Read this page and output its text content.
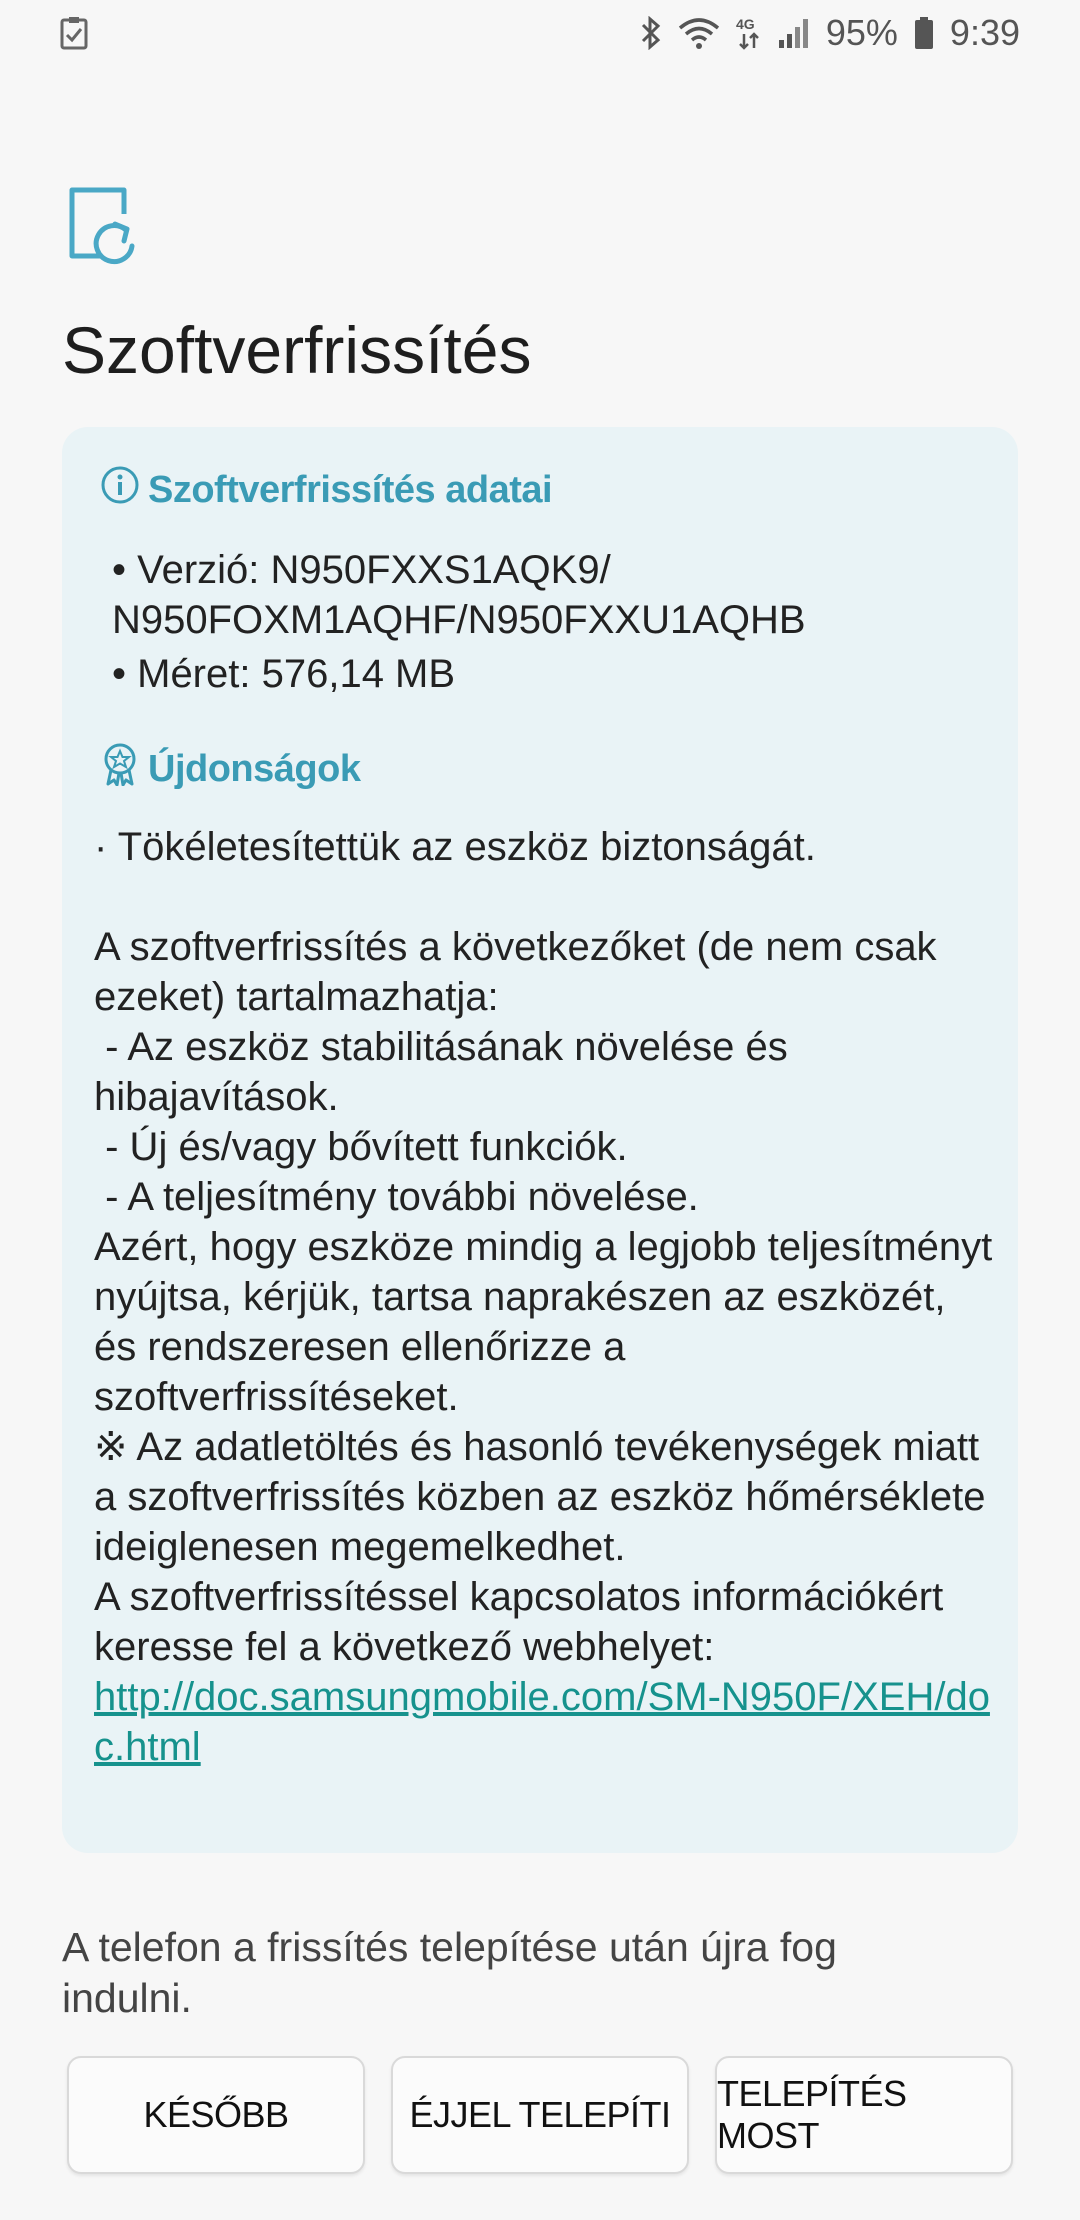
4G 95% 9:39
Szoftverfrissítés
Szoftverfrissítés adatai
• Verzió: N950FXXS1AQK9/
N950FOXM1AQHF/N950FXXU1AQHB
• Méret: 576,14 MB
Újdonságok

· Tökéletesítettük az eszköz biztonságát.

A szoftverfrissítés a következőket (de nem csak ezeket) tartalmazhatja:
- Az eszköz stabilitásának növelése és hibajavítások.
- Új és/vagy bővített funkciók.
- A teljesítmény további növelése.
Azért, hogy eszköze mindig a legjobb teljesítményt nyújtsa, kérjük, tartsa naprakészen az eszközét, és rendszeresen ellenőrizze a szoftverfrissítéseket.
※ Az adatletöltés és hasonló tevékenységek miatt a szoftverfrissítés közben az eszköz hőmérséklete ideiglenesen megemelkedhet.
A szoftverfrissítéssel kapcsolatos információkért keresse fel a következő webhelyet:
http://doc.samsungmobile.com/SM-N950F/XEH/doc.html

A telefon a frissítés telepítése után újra fog indulni.

KÉSŐBB	ÉJJEL TELEPÍTI
TELEPÍTÉS MOST
